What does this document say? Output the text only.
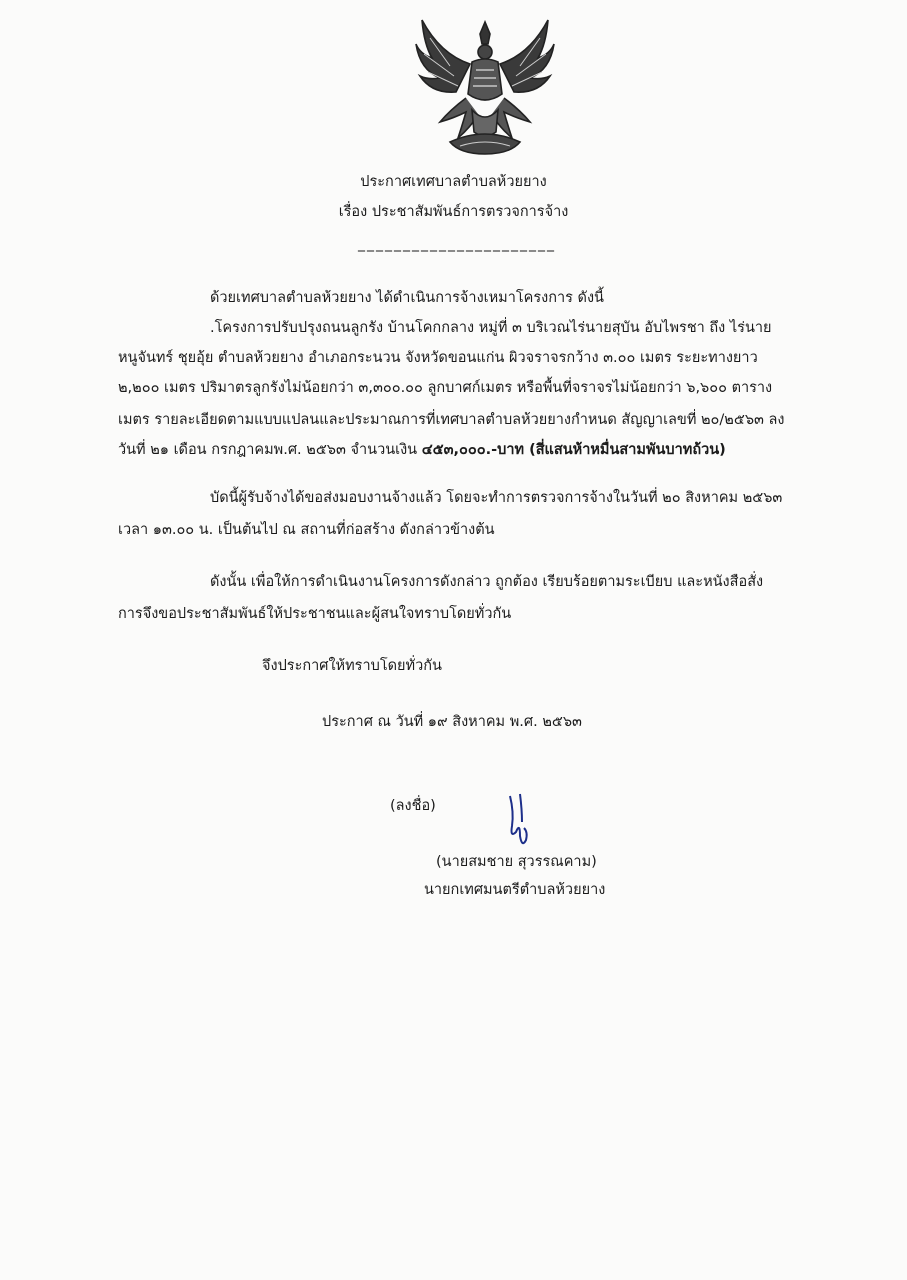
ประกาศเทศบาลตำบลห้วยยาง
เรื่อง ประชาสัมพันธ์การตรวจการจ้าง
______________________
ด้วยเทศบาลตำบลห้วยยาง ได้ดำเนินการจ้างเหมาโครงการ ดังนี้
.โครงการปรับปรุงถนนลูกรัง บ้านโคกกลาง หมู่ที่ ๓ บริเวณไร่นายสุบัน อับไพรชา ถึง ไร่นาย
หนูจันทร์ ชุยอุ้ย ตำบลห้วยยาง อำเภอกระนวน จังหวัดขอนแก่น ผิวจราจรกว้าง ๓.๐๐ เมตร ระยะทางยาว
๒,๒๐๐ เมตร ปริมาตรลูกรังไม่น้อยกว่า ๓,๓๐๐.๐๐ ลูกบาศก์เมตร หรือพื้นที่จราจรไม่น้อยกว่า ๖,๖๐๐ ตาราง
เมตร รายละเอียดตามแบบแปลนและประมาณการที่เทศบาลตำบลห้วยยางกำหนด สัญญาเลขที่ ๒๐/๒๕๖๓ ลง
วันที่ ๒๑ เดือน กรกฎาคมพ.ศ. ๒๕๖๓ จำนวนเงิน ๔๕๓,๐๐๐.-บาท (สี่แสนห้าหมื่นสามพันบาทถ้วน)
บัดนี้ผู้รับจ้างได้ขอส่งมอบงานจ้างแล้ว โดยจะทำการตรวจการจ้างในวันที่ ๒๐ สิงหาคม ๒๕๖๓
เวลา ๑๓.๐๐ น. เป็นต้นไป ณ สถานที่ก่อสร้าง ดังกล่าวข้างต้น
ดังนั้น เพื่อให้การดำเนินงานโครงการดังกล่าว ถูกต้อง เรียบร้อยตามระเบียบ และหนังสือสั่ง
การจึงขอประชาสัมพันธ์ให้ประชาชนและผู้สนใจทราบโดยทั่วกัน
จึงประกาศให้ทราบโดยทั่วกัน
ประกาศ ณ วันที่ ๑๙ สิงหาคม พ.ศ. ๒๕๖๓
(ลงชื่อ)
(นายสมชาย สุวรรณคาม)
นายกเทศมนตรีตำบลห้วยยาง
